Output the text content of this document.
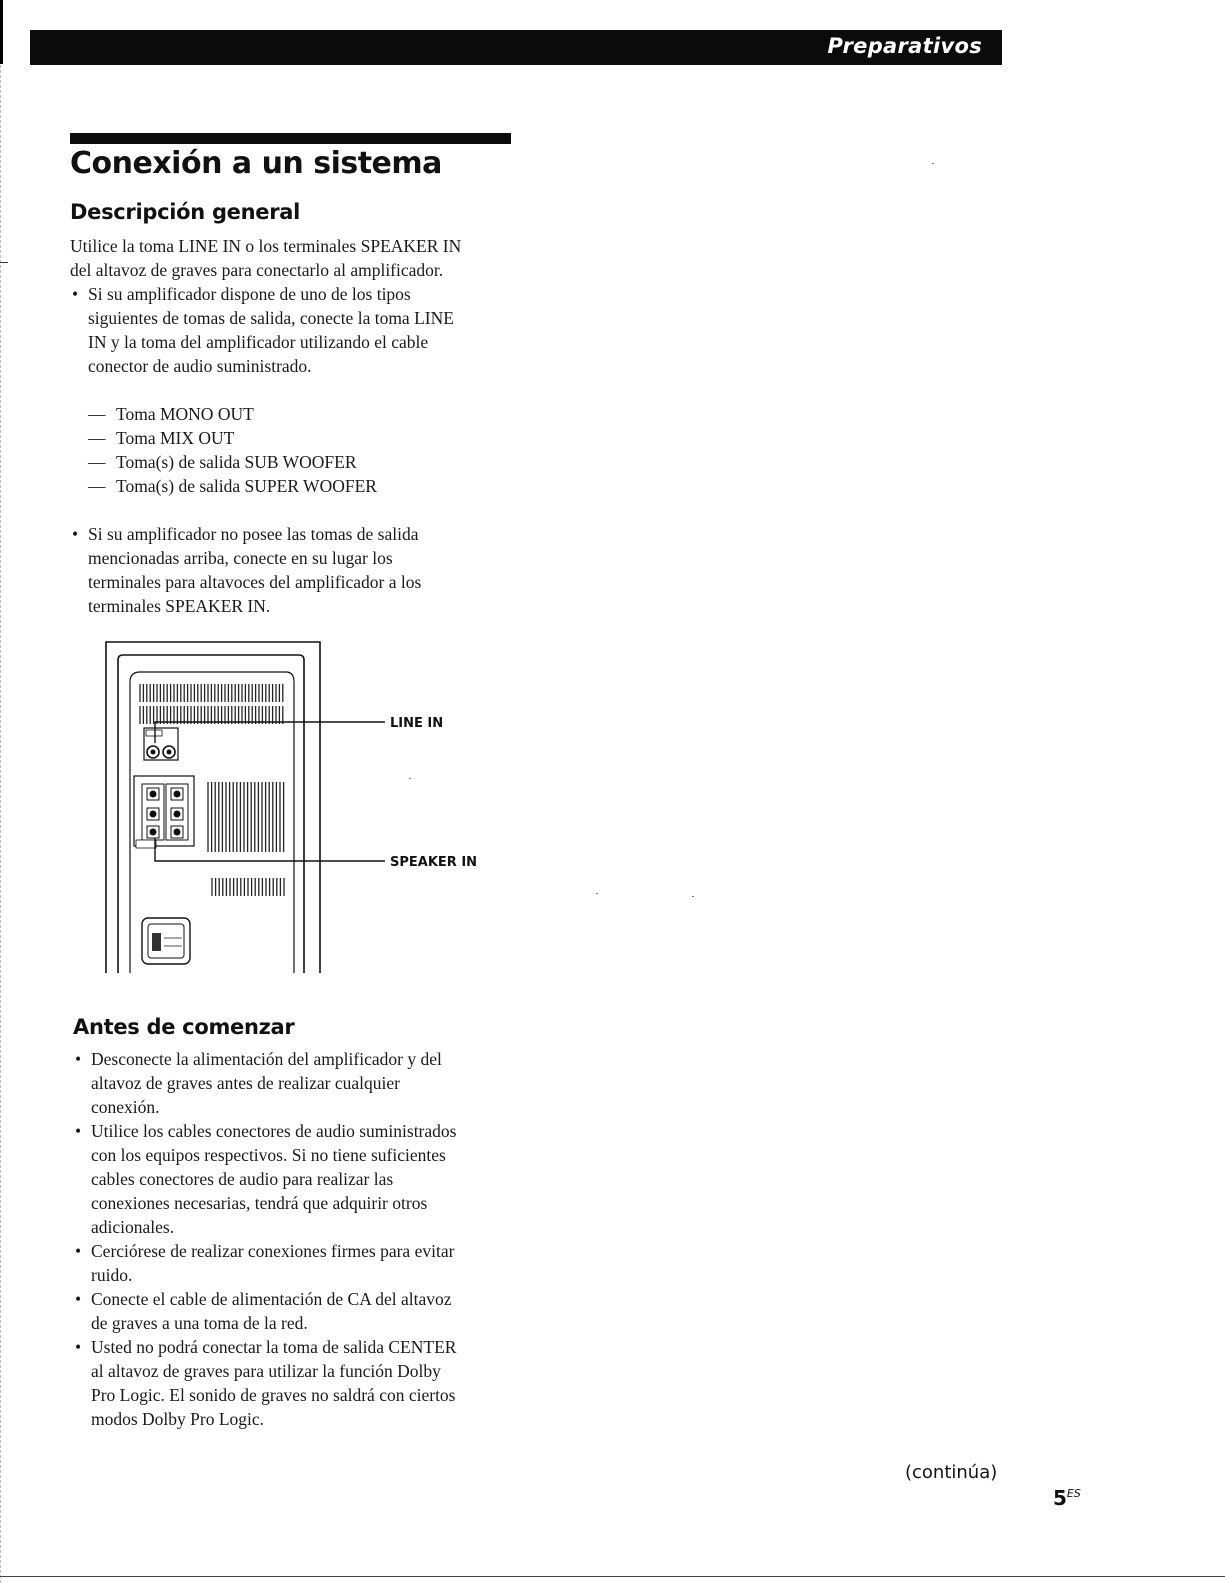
Preparativos
Conexión a un sistema
Descripción general

Utilice la toma LINE IN o los terminales SPEAKER IN
del altavoz de graves para conectarlo al amplificador.

• Si su amplificador dispone de uno de los tipos
siguientes de tomas de salida, conecte la toma LINE
IN y la toma del amplificador utilizando el cable
conector de audio suministrado.
— Toma MONO OUT
— Toma MIX OUT
— Toma(s) de salida SUB WOOFER
— Toma(s) de salida SUPER WOOFER
• Si su amplificador no posee las tomas de salida
mencionadas arriba, conecte en su lugar los
terminales para altavoces del amplificador a los
terminales SPEAKER IN.
LINE IN
SPEAKER IN
Antes de comenzar
• Desconecte la alimentación del amplificador y del
altavoz de graves antes de realizar cualquier
conexión.
• Utilice los cables conectores de audio suministrados
con los equipos respectivos. Si no tiene suficientes
cables conectores de audio para realizar las
conexiones necesarias, tendrá que adquirir otros
adicionales.
• Cerciórese de realizar conexiones firmes para evitar
ruido.
• Conecte el cable de alimentación de CA del altavoz
de graves a una toma de la red.
• Usted no podrá conectar la toma de salida CENTER
al altavoz de graves para utilizar la función Dolby
Pro Logic. El sonido de graves no saldrá con ciertos
modos Dolby Pro Logic.
(continúa)
$5^{ES}$
